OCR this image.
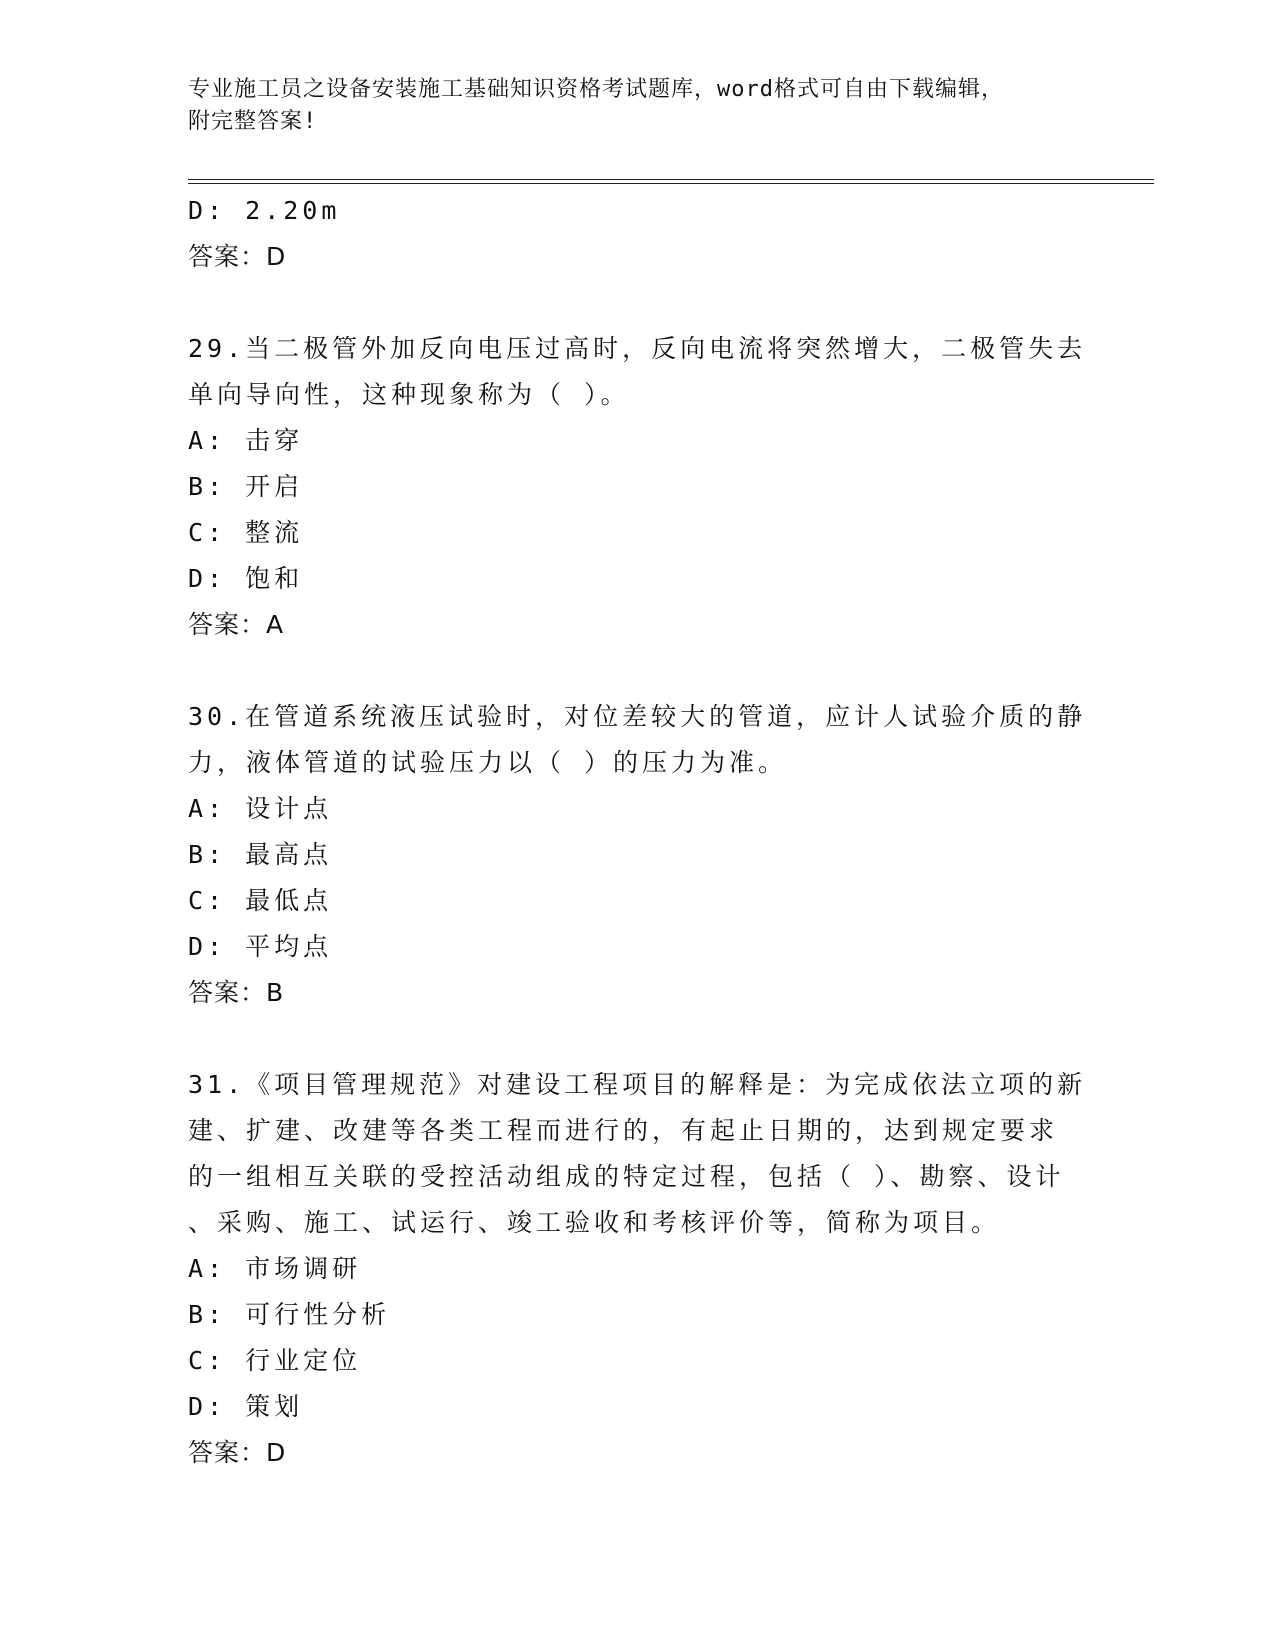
专业施工员之设备安装施工基础知识资格考试题库，word格式可自由下载编辑，
附完整答案!
D: 2.20m
答案：D
29.当二极管外加反向电压过高时，反向电流将突然增大，二极管失去
单向导向性，这种现象称为（ ）。
A: 击穿
B: 开启
C: 整流
D: 饱和
答案：A
30.在管道系统液压试验时，对位差较大的管道，应计人试验介质的静
力，液体管道的试验压力以（ ）的压力为准。
A: 设计点
B: 最高点
C: 最低点
D: 平均点
答案：B
31.《项目管理规范》对建设工程项目的解释是：为完成依法立项的新
建、扩建、改建等各类工程而进行的，有起止日期的，达到规定要求
的一组相互关联的受控活动组成的特定过程，包括（ ）、勘察、设计
、采购、施工、试运行、竣工验收和考核评价等，简称为项目。
A: 市场调研
B: 可行性分析
C: 行业定位
D: 策划
答案：D
